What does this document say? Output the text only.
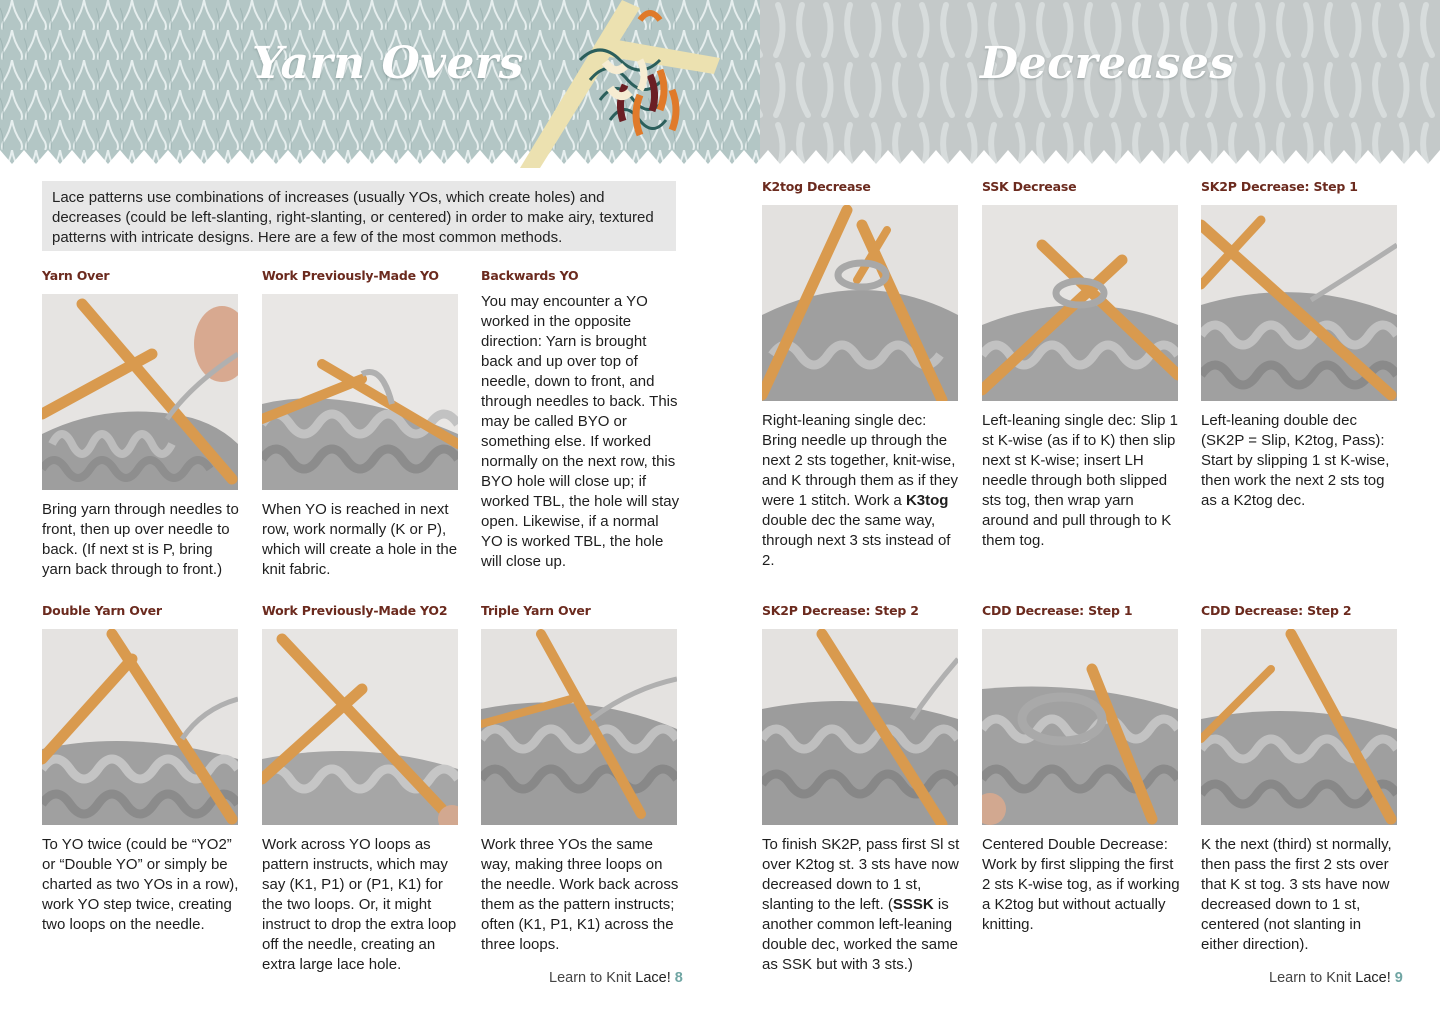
Yarn Overs	Decreases
Lace patterns use combinations of increases (usually YOs, which create holes) and decreases (could be left-slanting, right-slanting, or centered) in order to make airy, textured patterns with intricate designs. Here are a few of the most common methods.
Yarn Over
Bring yarn through needles to front, then up over needle to back. (If next st is P, bring yarn back through to front.)
Work Previously-Made YO
When YO is reached in next row, work normally (K or P), which will create a hole in the knit fabric.
Backwards YO
You may encounter a YO worked in the opposite direction: Yarn is brought back and up over top of needle, down to front, and through needles to back. This may be called BYO or something else. If worked normally on the next row, this BYO hole will close up; if worked TBL, the hole will stay open. Likewise, if a normal YO is worked TBL, the hole will close up.
Double Yarn Over
To YO twice (could be “YO2” or “Double YO” or simply be charted as two YOs in a row), work YO step twice, creating two loops on the needle.
Work Previously-Made YO2
Work across YO loops as pattern instructs, which may say (K1, P1) or (P1, K1) for the two loops. Or, it might instruct to drop the extra loop off the needle, creating an extra large lace hole.
Triple Yarn Over
Work three YOs the same way, making three loops on the needle. Work back across them as the pattern instructs; often (K1, P1, K1) across the three loops.
K2tog Decrease
Right-leaning single dec: Bring needle up through the next 2 sts together, knit-wise, and K through them as if they were 1 stitch. Work a K3tog double dec the same way, through next 3 sts instead of 2.
SSK Decrease
Left-leaning single dec: Slip 1 st K-wise (as if to K) then slip next st K-wise; insert LH needle through both slipped sts tog, then wrap yarn around and pull through to K them tog.
SK2P Decrease: Step 1
Left-leaning double dec (SK2P = Slip, K2tog, Pass): Start by slipping 1 st K-wise, then work the next 2 sts tog as a K2tog dec.
SK2P Decrease: Step 2
To finish SK2P, pass first Sl st over K2tog st. 3 sts have now decreased down to 1 st, slanting to the left. (SSSK is another common left-leaning double dec, worked the same as SSK but with 3 sts.)
CDD Decrease: Step 1
Centered Double Decrease: Work by first slipping the first 2 sts K-wise tog, as if working a K2tog but without actually knitting.
CDD Decrease: Step 2
K the next (third) st normally, then pass the first 2 sts over that K st tog. 3 sts have now decreased down to 1 st, centered (not slanting in either direction).
Learn to Knit Lace! 8	Learn to Knit Lace! 9
